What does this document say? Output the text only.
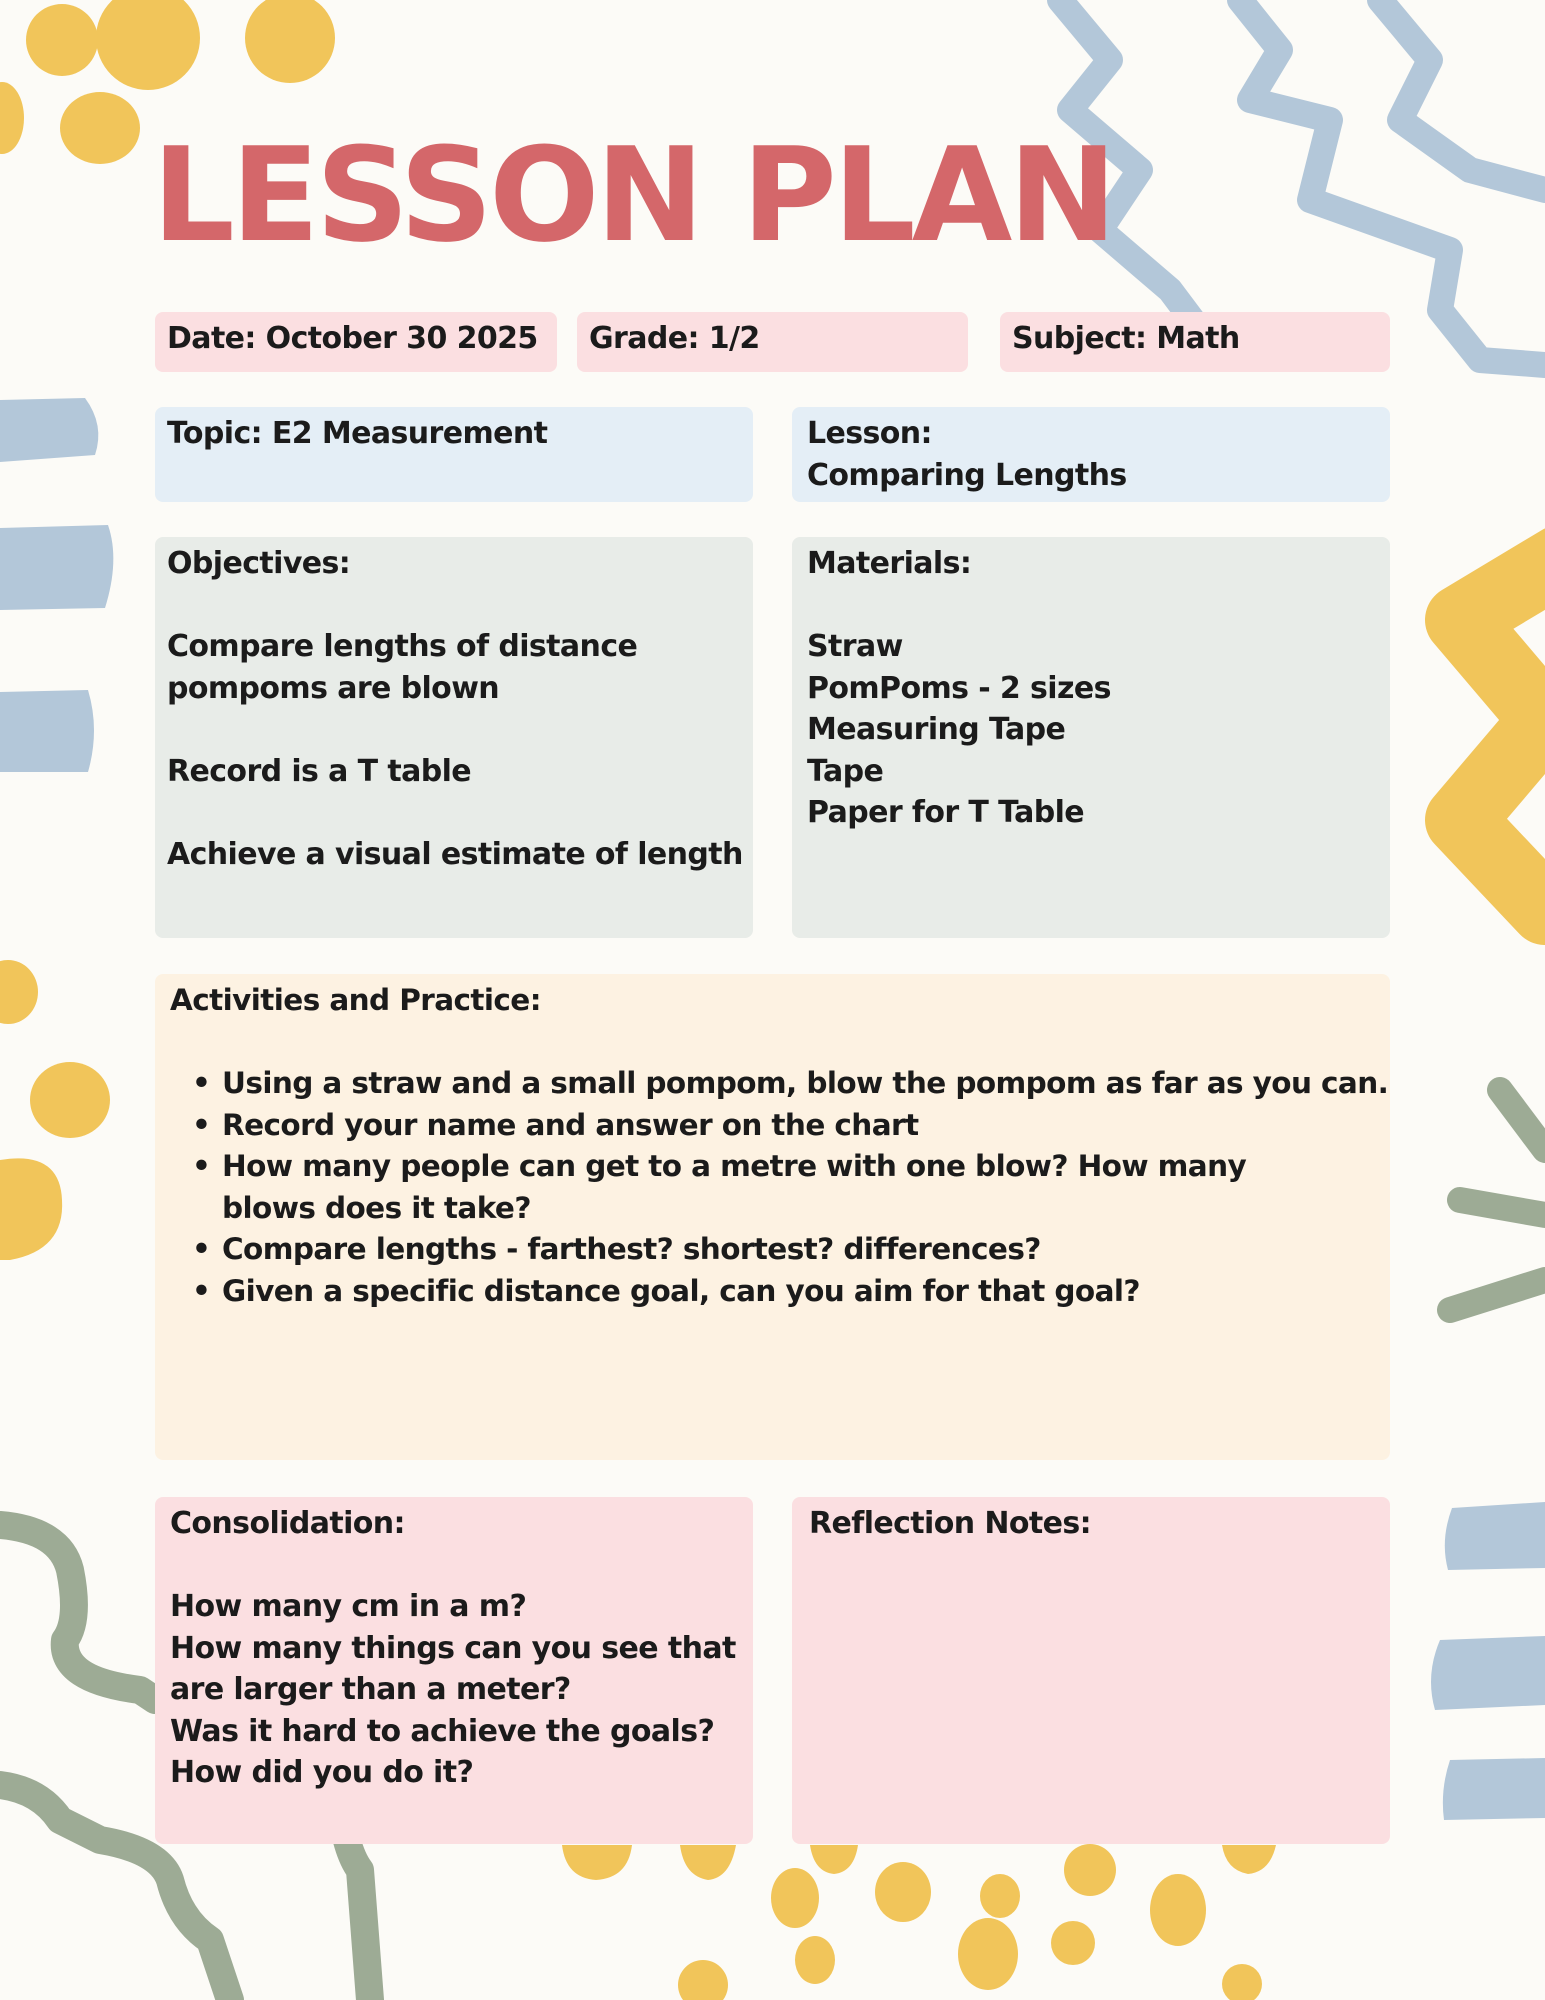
LESSON PLAN
Date: October 30 2025 Grade: 1/2	Subject: Math
Topic: E2 Measurement	Lesson:
Comparing Lengths
Objectives:
Compare lengths of distance
pompoms are blown
Record is a T table
Achieve a visual estimate of length
Materials:
Straw
PomPoms - 2 sizes
Measuring Tape
Tape
Paper for T Table
Activities and Practice:
• Using a straw and a small pompom, blow the pompom as far as you can.
• Record your name and answer on the chart
• How many people can get to a metre with one blow? How many blows does it take?
• Compare lengths - farthest? shortest? differences?
• Given a specific distance goal, can you aim for that goal?
Consolidation:
How many cm in a m?
How many things can you see that
are larger than a meter?
Was it hard to achieve the goals?
How did you do it?
Reflection Notes:
